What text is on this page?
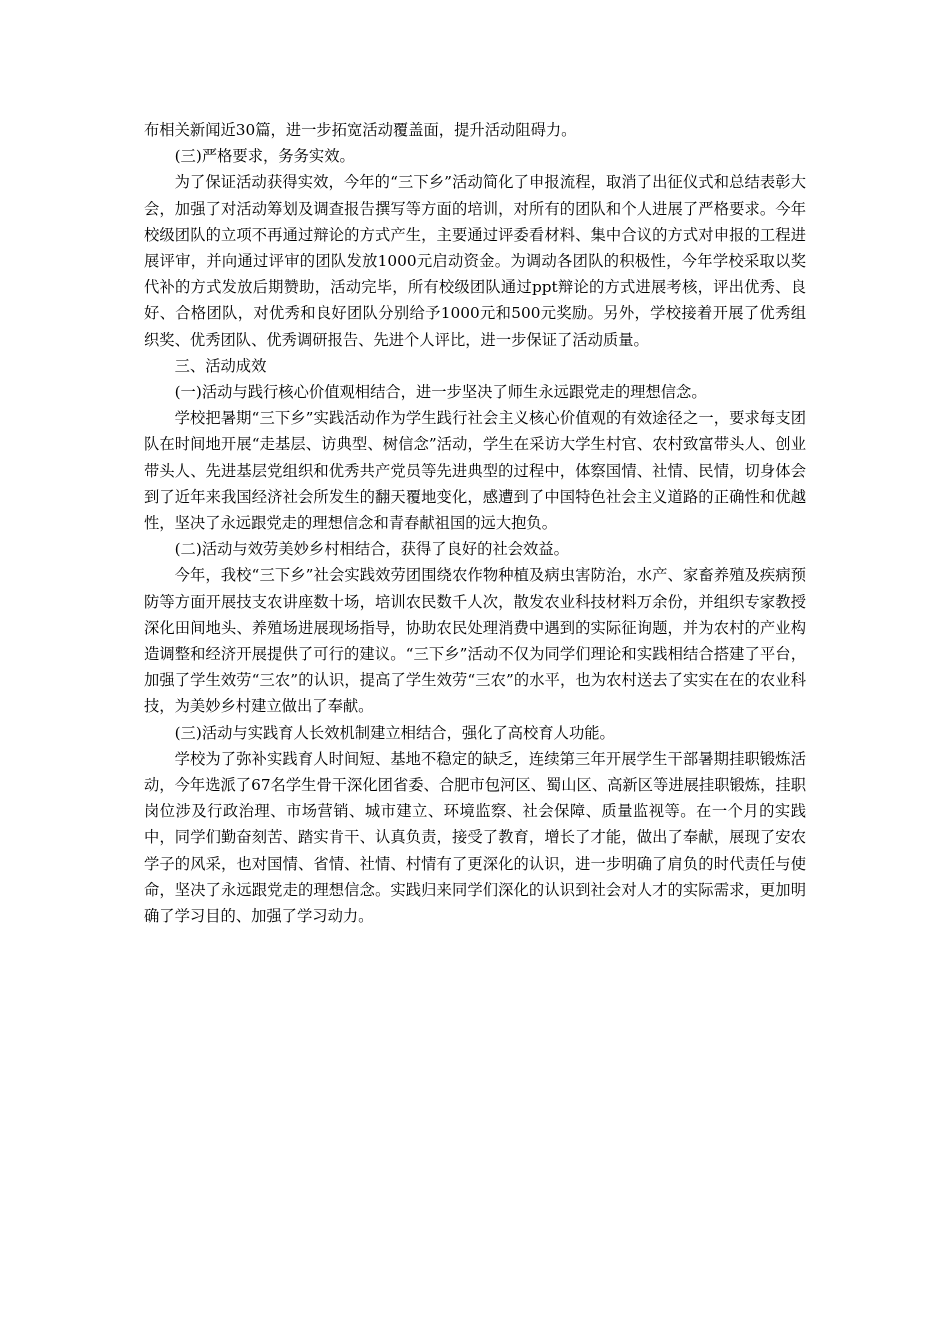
布相关新闻近30篇，进一步拓宽活动覆盖面，提升活动阻碍力。

(三)严格要求，务务实效。

为了保证活动获得实效，今年的“三下乡”活动简化了申报流程，取消了出征仪式和总结表彰大会，加强了对活动筹划及调查报告撰写等方面的培训，对所有的团队和个人进展了严格要求。今年校级团队的立项不再通过辩论的方式产生，主要通过评委看材料、集中合议的方式对申报的工程进展评审，并向通过评审的团队发放1000元启动资金。为调动各团队的积极性，今年学校采取以奖代补的方式发放后期赞助，活动完毕，所有校级团队通过ppt辩论的方式进展考核，评出优秀、良好、合格团队，对优秀和良好团队分别给予1000元和500元奖励。另外，学校接着开展了优秀组织奖、优秀团队、优秀调研报告、先进个人评比，进一步保证了活动质量。

三、活动成效

(一)活动与践行核心价值观相结合，进一步坚决了师生永远跟党走的理想信念。

学校把暑期“三下乡”实践活动作为学生践行社会主义核心价值观的有效途径之一，要求每支团队在时间地开展“走基层、访典型、树信念”活动，学生在采访大学生村官、农村致富带头人、创业带头人、先进基层党组织和优秀共产党员等先进典型的过程中，体察国情、社情、民情，切身体会到了近年来我国经济社会所发生的翻天覆地变化，感遭到了中国特色社会主义道路的正确性和优越性，坚决了永远跟党走的理想信念和青春献祖国的远大抱负。

(二)活动与效劳美妙乡村相结合，获得了良好的社会效益。

今年，我校“三下乡”社会实践效劳团围绕农作物种植及病虫害防治，水产、家畜养殖及疾病预防等方面开展技支农讲座数十场，培训农民数千人次，散发农业科技材料万余份，并组织专家教授深化田间地头、养殖场进展现场指导，协助农民处理消费中遇到的实际征询题，并为农村的产业构造调整和经济开展提供了可行的建议。“三下乡”活动不仅为同学们理论和实践相结合搭建了平台，加强了学生效劳“三农”的认识，提高了学生效劳“三农”的水平，也为农村送去了实实在在的农业科技，为美妙乡村建立做出了奉献。

(三)活动与实践育人长效机制建立相结合，强化了高校育人功能。

学校为了弥补实践育人时间短、基地不稳定的缺乏，连续第三年开展学生干部暑期挂职锻炼活动，今年选派了67名学生骨干深化团省委、合肥市包河区、蜀山区、高新区等进展挂职锻炼，挂职岗位涉及行政治理、市场营销、城市建立、环境监察、社会保障、质量监视等。在一个月的实践中，同学们勤奋刻苦、踏实肯干、认真负责，接受了教育，增长了才能，做出了奉献，展现了安农学子的风采，也对国情、省情、社情、村情有了更深化的认识，进一步明确了肩负的时代责任与使命，坚决了永远跟党走的理想信念。实践归来同学们深化的认识到社会对人才的实际需求，更加明确了学习目的、加强了学习动力。
